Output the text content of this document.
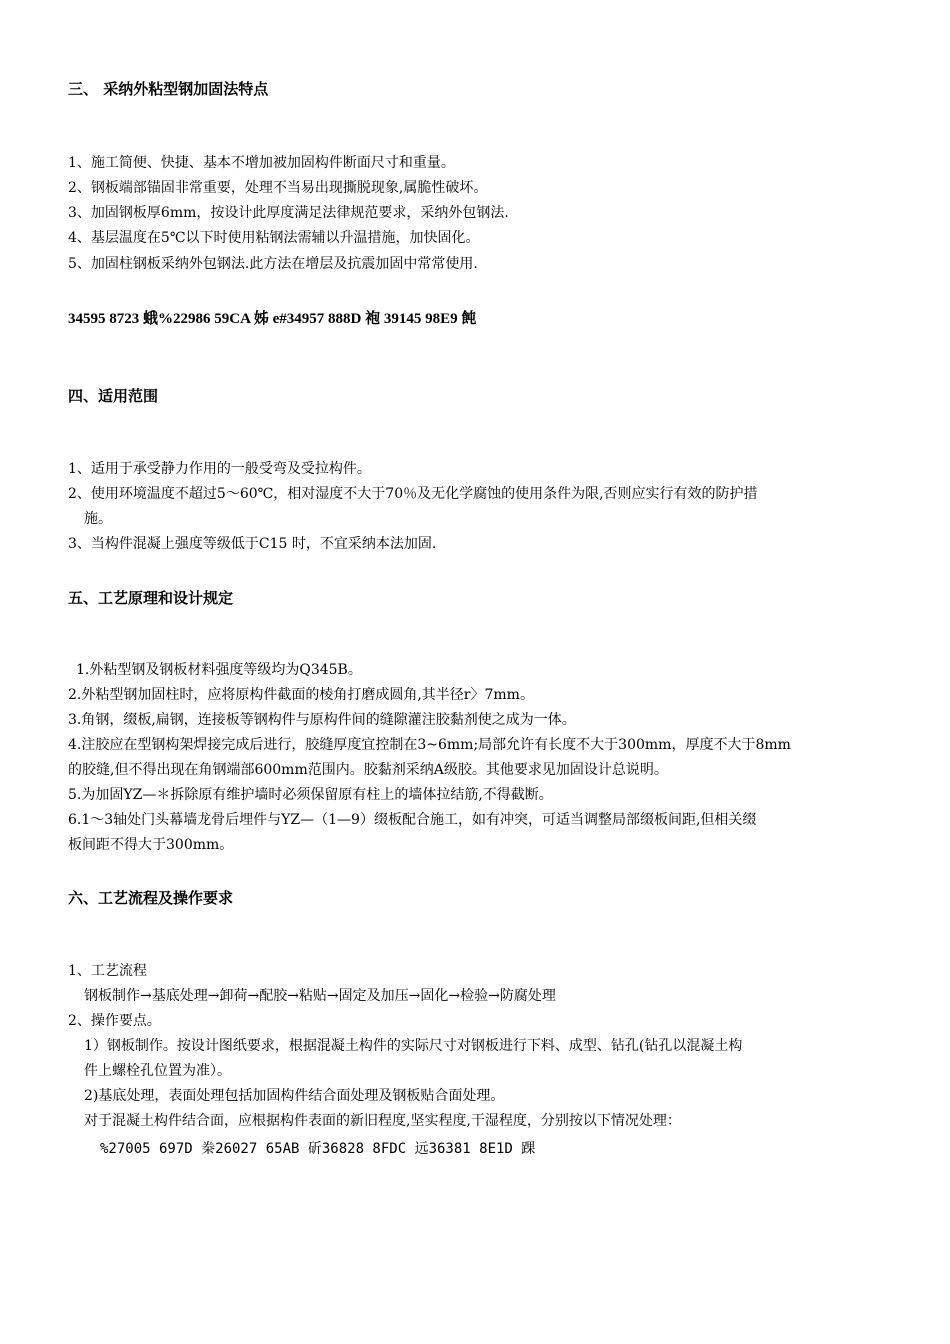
三、 采纳外粘型钢加固法特点
1、施工简便、快捷、基本不增加被加固构件断面尺寸和重量。
2、钢板端部锚固非常重要，处理不当易出现撕脱现象,属脆性破坏。
3、加固钢板厚6mm，按设计此厚度满足法律规范要求，采纳外包钢法.
4、基层温度在5℃以下时使用粘钢法需辅以升温措施，加快固化。
5、加固柱钢板采纳外包钢法.此方法在增层及抗震加固中常常使用.
34595 8723 蛾%22986 59CA 姊 e#34957 888D 袍 39145 98E9 飩
四、适用范围
1、适用于承受静力作用的一般受弯及受拉构件。
2、使用环境温度不超过5～60℃，相对湿度不大于70％及无化学腐蚀的使用条件为限,否则应实行有效的防护措
施。
3、当构件混凝上强度等级低于C15 时，不宜采纳本法加固.
五、工艺原理和设计规定
1.外粘型钢及钢板材料强度等级均为Q345B。
2.外粘型钢加固柱时，应将原构件截面的棱角打磨成圆角,其半径r〉7mm。
3.角钢，缀板,扁钢，连接板等钢构件与原构件间的缝隙灌注胶黏剂使之成为一体。
4.注胶应在型钢构架焊接完成后进行，胶缝厚度宜控制在3~6mm;局部允许有长度不大于300mm，厚度不大于8mm
的胶缝,但不得出现在角钢端部600mm范围内。胶黏剂采纳A级胶。其他要求见加固设计总说明。
5.为加固YZ—＊拆除原有维护墙时必须保留原有柱上的墙体拉结筋,不得截断。
6.1～3轴处门头幕墙龙骨后埋件与YZ—（1—9）缀板配合施工，如有冲突，可适当调整局部缀板间距,但相关缀
板间距不得大于300mm。
六、工艺流程及操作要求
1、工艺流程
钢板制作→基底处理→卸荷→配胶→粘贴→固定及加压→固化→检验→防腐处理
2、操作要点。
1）钢板制作。按设计图纸要求，根据混凝土构件的实际尺寸对钢板进行下料、成型、钻孔(钻孔以混凝土构
件上螺栓孔位置为准）。
2)基底处理，表面处理包括加固构件结合面处理及钢板贴合面处理。
对于混凝土构件结合面，应根据构件表面的新旧程度,坚实程度,干湿程度，分别按以下情况处理：
%27005 697D 桊26027 65AB 斫36828 8FDC 远36381 8E1D 踝
